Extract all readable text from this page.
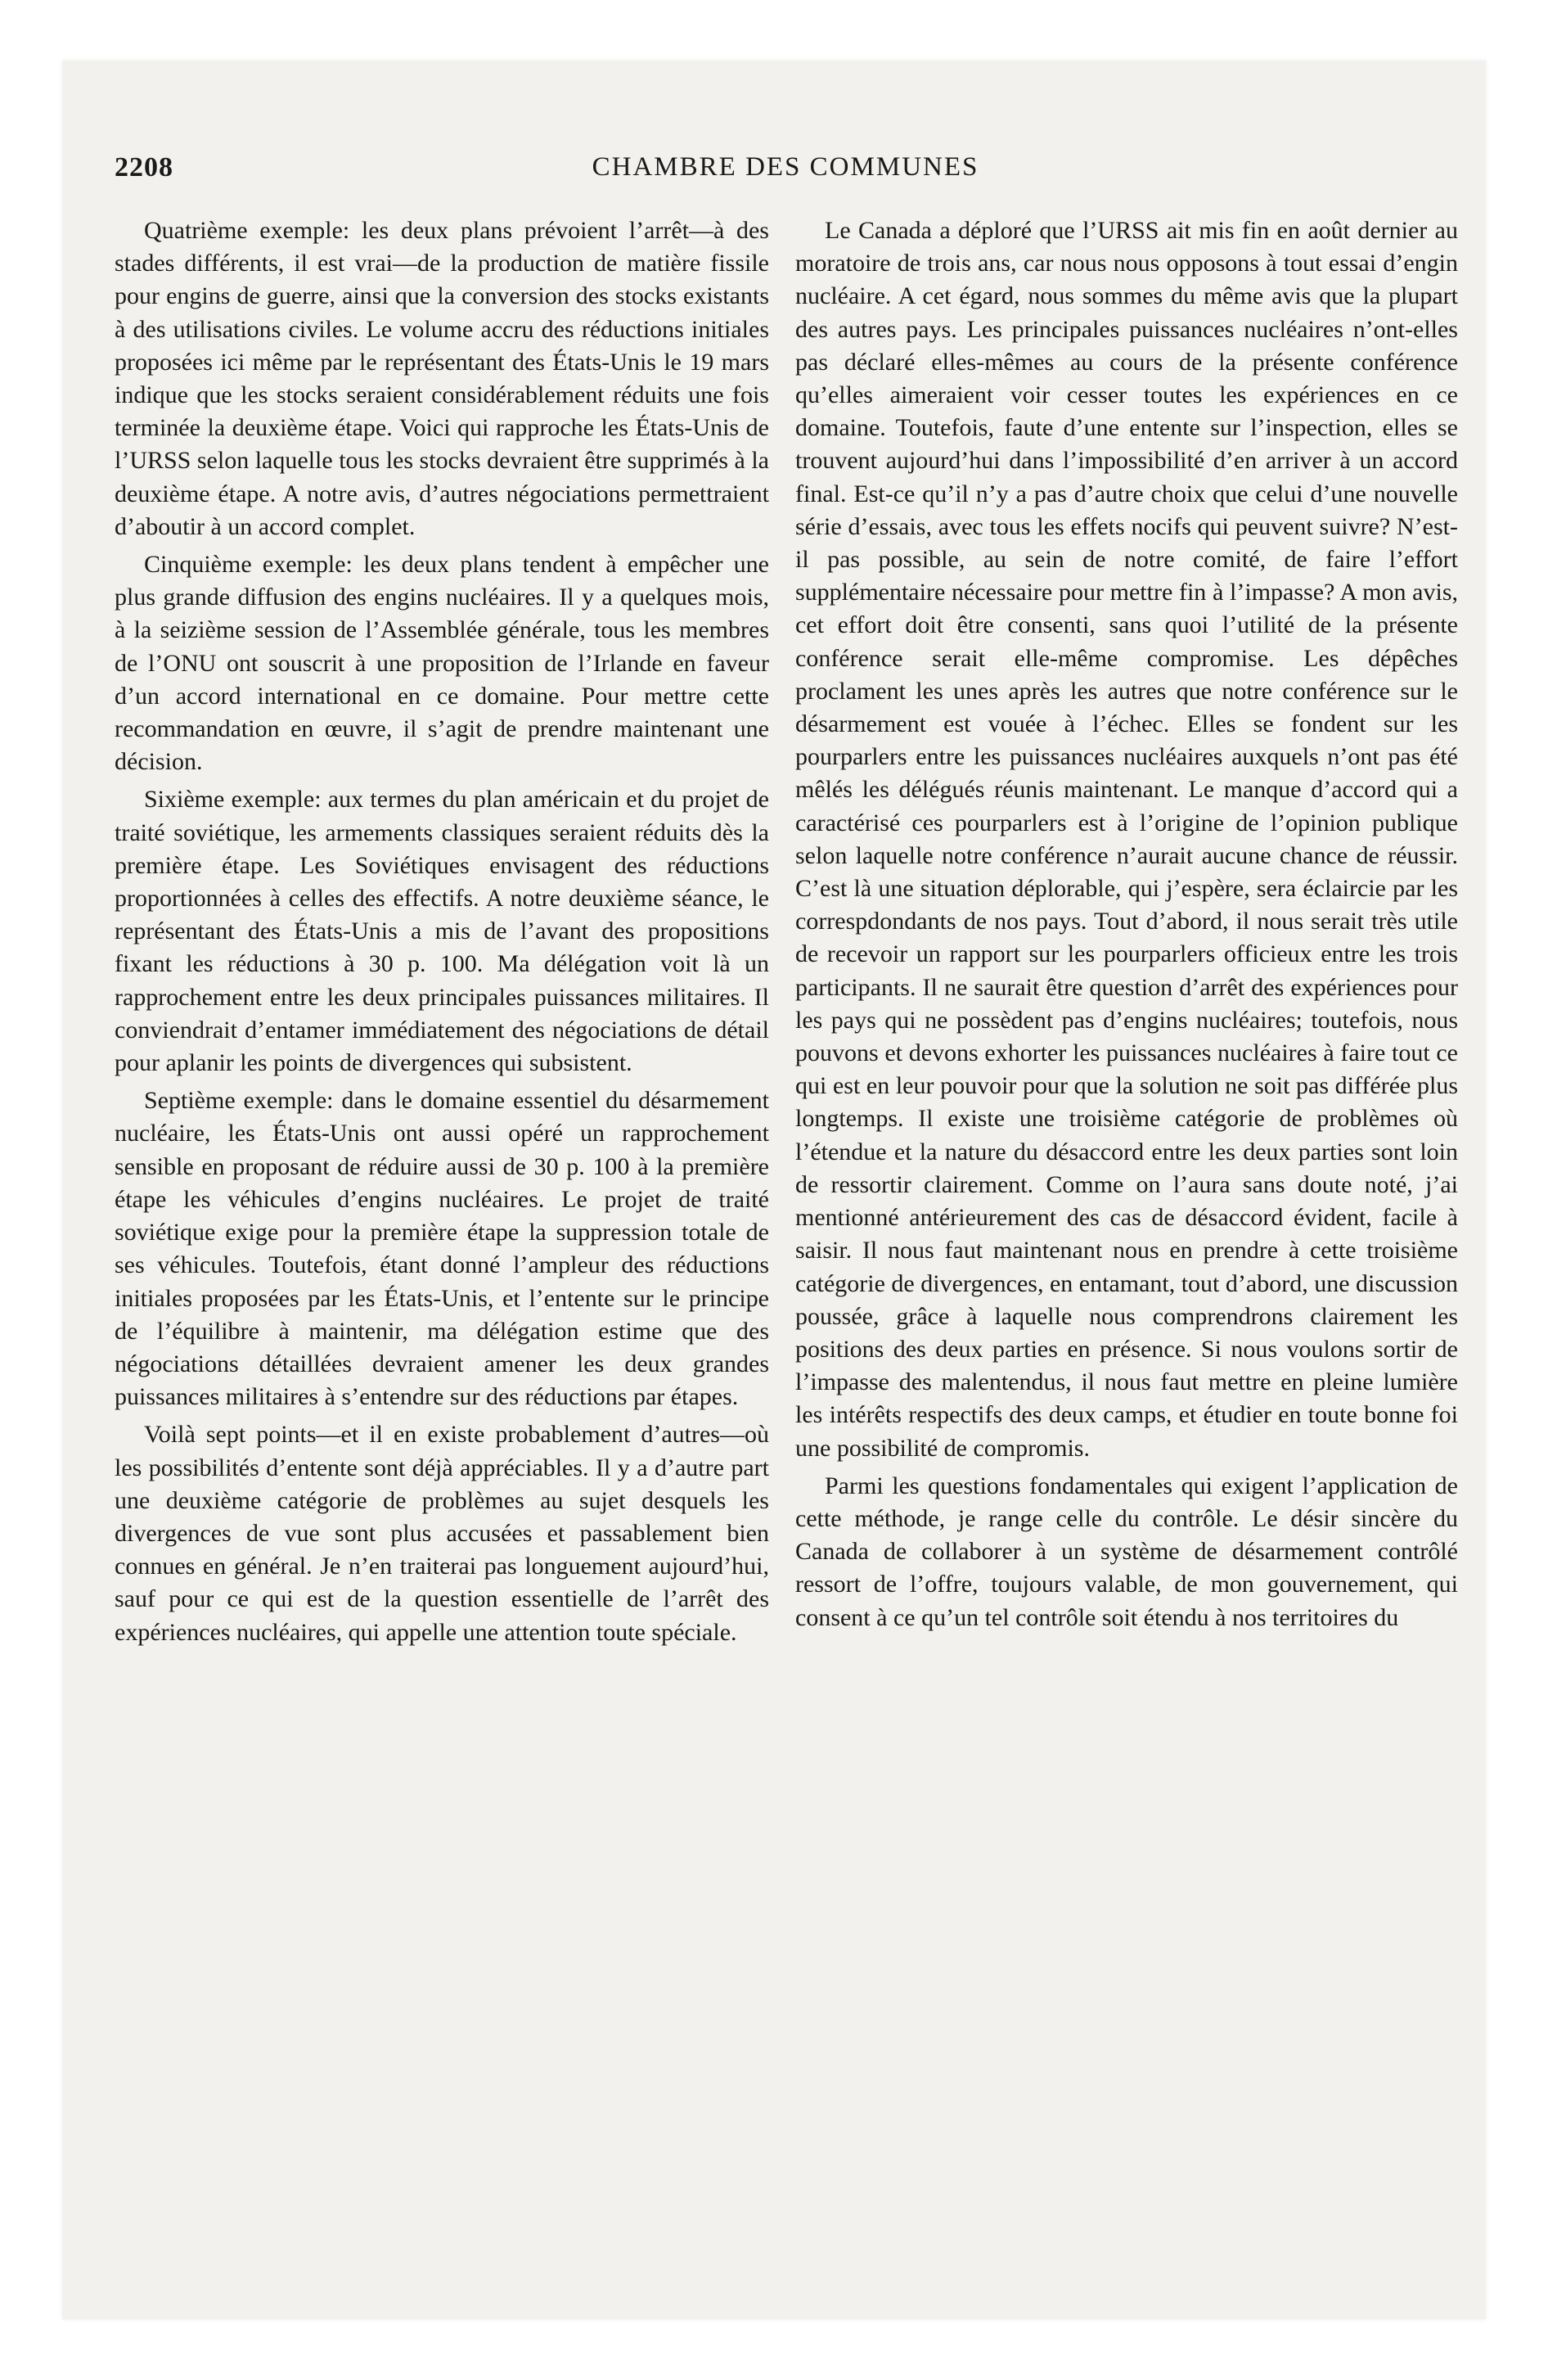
2208	CHAMBRE DES COMMUNES

Quatrième exemple: les deux plans prévoient l’arrêt—à des stades différents, il est vrai—de la production de matière fissile pour engins de guerre, ainsi que la conversion des stocks existants à des utilisations civiles. Le volume accru des réductions initiales proposées ici même par le représentant des États-Unis le 19 mars indique que les stocks seraient considérablement réduits une fois terminée la deuxième étape. Voici qui rapproche les États-Unis de l’URSS selon laquelle tous les stocks devraient être supprimés à la deuxième étape. A notre avis, d’autres négociations permettraient d’aboutir à un accord complet.

Cinquième exemple: les deux plans tendent à empêcher une plus grande diffusion des engins nucléaires. Il y a quelques mois, à la seizième session de l’Assemblée générale, tous les membres de l’ONU ont souscrit à une proposition de l’Irlande en faveur d’un accord international en ce domaine. Pour mettre cette recommandation en œuvre, il s’agit de prendre maintenant une décision.

Sixième exemple: aux termes du plan américain et du projet de traité soviétique, les armements classiques seraient réduits dès la première étape. Les Soviétiques envisagent des réductions proportionnées à celles des effectifs. A notre deuxième séance, le représentant des États-Unis a mis de l’avant des propositions fixant les réductions à 30 p. 100. Ma délégation voit là un rapprochement entre les deux principales puissances militaires. Il conviendrait d’entamer immédiatement des négociations de détail pour aplanir les points de divergences qui subsistent.

Septième exemple: dans le domaine essentiel du désarmement nucléaire, les États-Unis ont aussi opéré un rapprochement sensible en proposant de réduire aussi de 30 p. 100 à la première étape les véhicules d’engins nucléaires. Le projet de traité soviétique exige pour la première étape la suppression totale de ses véhicules. Toutefois, étant donné l’ampleur des réductions initiales proposées par les États-Unis, et l’entente sur le principe de l’équilibre à maintenir, ma délégation estime que des négociations détaillées devraient amener les deux grandes puissances militaires à s’entendre sur des réductions par étapes.

Voilà sept points—et il en existe probablement d’autres—où les possibilités d’entente sont déjà appréciables. Il y a d’autre part une deuxième catégorie de problèmes au sujet desquels les divergences de vue sont plus accusées et passablement bien connues en général. Je n’en traiterai pas longuement aujourd’hui, sauf pour ce qui est de la question essentielle de l’arrêt des expériences nucléaires, qui appelle une attention toute spéciale.

Le Canada a déploré que l’URSS ait mis fin en août dernier au moratoire de trois ans, car nous nous opposons à tout essai d’engin nucléaire. A cet égard, nous sommes du même avis que la plupart des autres pays. Les principales puissances nucléaires n’ont-elles pas déclaré elles-mêmes au cours de la présente conférence qu’elles aimeraient voir cesser toutes les expériences en ce domaine. Toutefois, faute d’une entente sur l’inspection, elles se trouvent aujourd’hui dans l’impossibilité d’en arriver à un accord final. Est-ce qu’il n’y a pas d’autre choix que celui d’une nouvelle série d’essais, avec tous les effets nocifs qui peuvent suivre? N’est-il pas possible, au sein de notre comité, de faire l’effort supplémentaire nécessaire pour mettre fin à l’impasse? A mon avis, cet effort doit être consenti, sans quoi l’utilité de la présente conférence serait elle-même compromise. Les dépêches proclament les unes après les autres que notre conférence sur le désarmement est vouée à l’échec. Elles se fondent sur les pourparlers entre les puissances nucléaires auxquels n’ont pas été mêlés les délégués réunis maintenant. Le manque d’accord qui a caractérisé ces pourparlers est à l’origine de l’opinion publique selon laquelle notre conférence n’aurait aucune chance de réussir. C’est là une situation déplorable, qui j’espère, sera éclaircie par les correspdondants de nos pays. Tout d’abord, il nous serait très utile de recevoir un rapport sur les pourparlers officieux entre les trois participants. Il ne saurait être question d’arrêt des expériences pour les pays qui ne possèdent pas d’engins nucléaires; toutefois, nous pouvons et devons exhorter les puissances nucléaires à faire tout ce qui est en leur pouvoir pour que la solution ne soit pas différée plus longtemps. Il existe une troisième catégorie de problèmes où l’étendue et la nature du désaccord entre les deux parties sont loin de ressortir clairement. Comme on l’aura sans doute noté, j’ai mentionné antérieurement des cas de désaccord évident, facile à saisir. Il nous faut maintenant nous en prendre à cette troisième catégorie de divergences, en entamant, tout d’abord, une discussion poussée, grâce à laquelle nous comprendrons clairement les positions des deux parties en présence. Si nous voulons sortir de l’impasse des malentendus, il nous faut mettre en pleine lumière les intérêts respectifs des deux camps, et étudier en toute bonne foi une possibilité de compromis.

Parmi les questions fondamentales qui exigent l’application de cette méthode, je range celle du contrôle. Le désir sincère du Canada de collaborer à un système de désarmement contrôlé ressort de l’offre, toujours valable, de mon gouvernement, qui consent à ce qu’un tel contrôle soit étendu à nos territoires du
